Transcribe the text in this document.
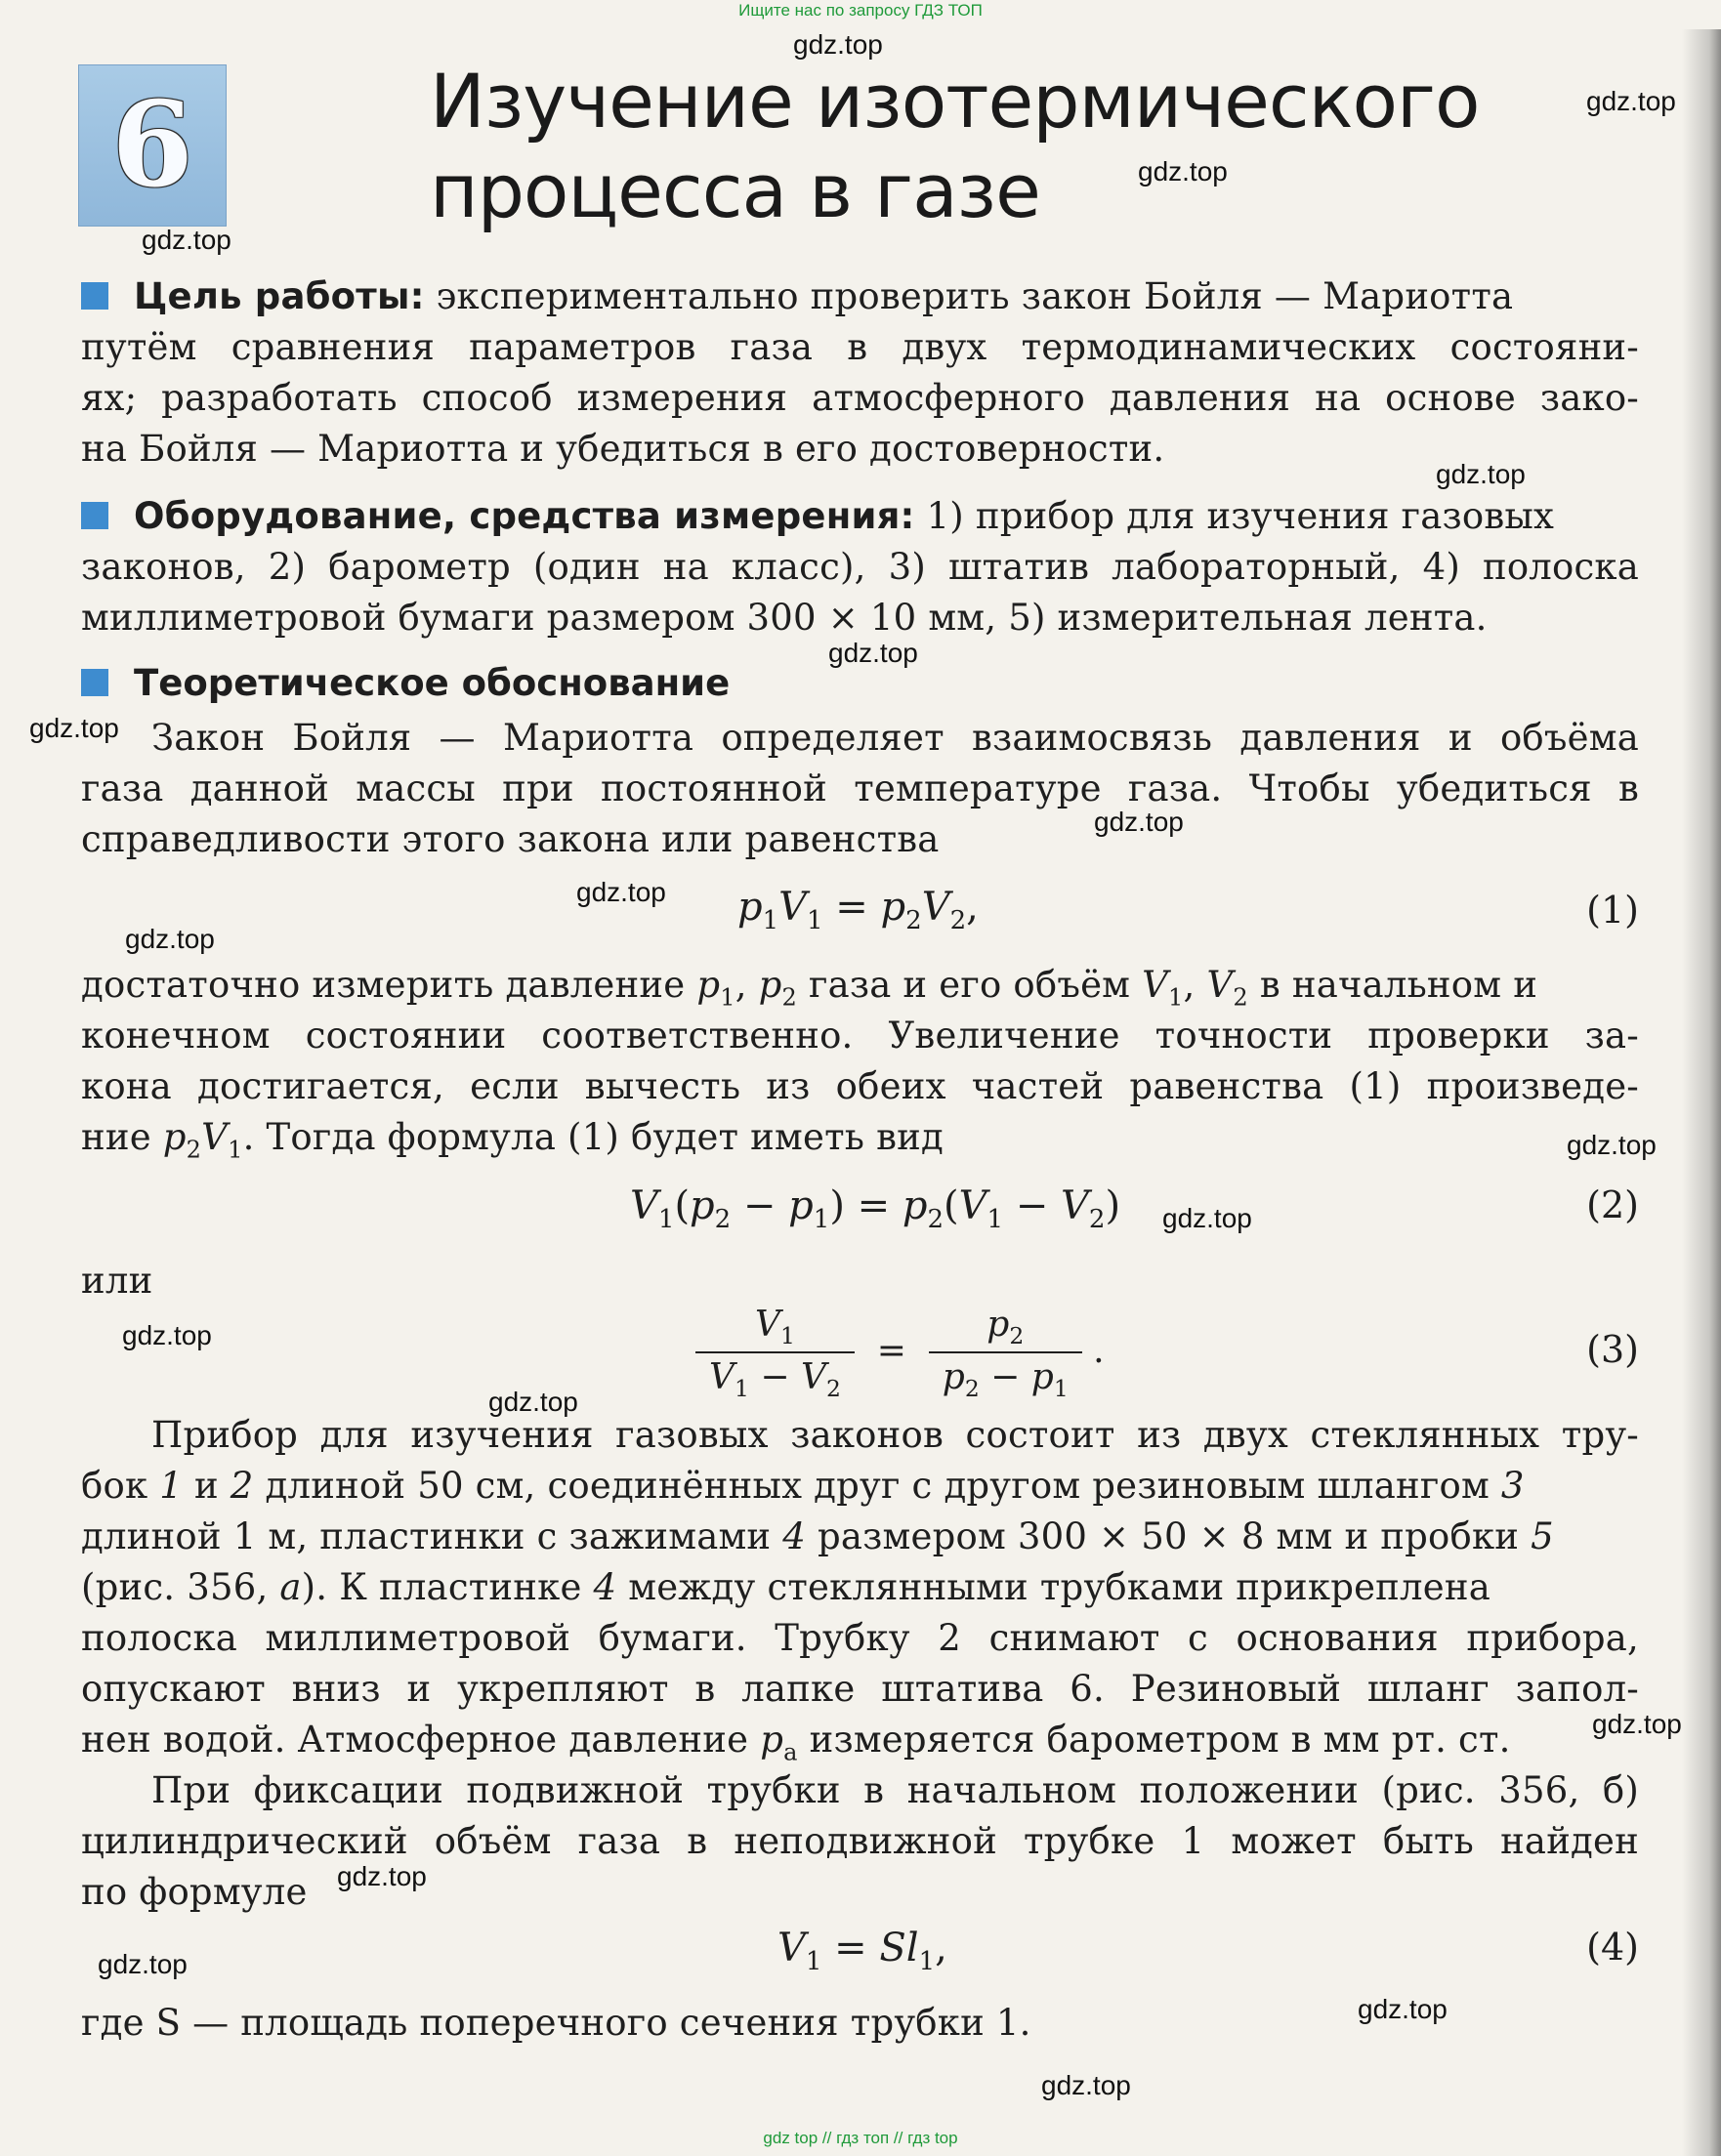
Ищите нас по запросу ГДЗ ТОП
6	Изучение изотермического
процесса в газе
Цель работы: экспериментально проверить закон Бойля — Мариотта
путём сравнения параметров газа в двух термодинамических состояни-
ях; разработать способ измерения атмосферного давления на основе зако-
на Бойля — Мариотта и убедиться в его достоверности.
Оборудование, средства измерения: 1) прибор для изучения газовых
законов, 2) барометр (один на класс), 3) штатив лабораторный, 4) полоска
миллиметровой бумаги размером 300 × 10 мм, 5) измерительная лента.
Теоретическое обоснование
Закон Бойля — Мариотта определяет взаимосвязь давления и объёма
газа данной массы при постоянной температуре газа. Чтобы убедиться в
справедливости этого закона или равенства
$p_1V_1 = p_2V_2$,	(1)
достаточно измерить давление $p_1$, $p_2$ газа и его объём $V_1$, $V_2$ в начальном и
конечном состоянии соответственно. Увеличение точности проверки за-
кона достигается, если вычесть из обеих частей равенства (1) произведе-
ние $p_2V_1$. Тогда формула (1) будет иметь вид
$V_1(p_2 - p_1) = p_2(V_1 - V_2)$	(2)
или
$\frac{V_1}{V_1 - V_2} = \frac{p_2}{p_2 - p_1}$ .	(3)
Прибор для изучения газовых законов состоит из двух стеклянных тру-
бок 1 и 2 длиной 50 см, соединённых друг с другом резиновым шлангом 3
длиной 1 м, пластинки с зажимами 4 размером 300 × 50 × 8 мм и пробки 5
(рис. 356, а). К пластинке 4 между стеклянными трубками прикреплена
полоска миллиметровой бумаги. Трубку 2 снимают с основания прибора,
опускают вниз и укрепляют в лапке штатива 6. Резиновый шланг запол-
нен водой. Атмосферное давление $p_а$ измеряется барометром в мм рт. ст.
При фиксации подвижной трубки в начальном положении (рис. 356, б)
цилиндрический объём газа в неподвижной трубке 1 может быть найден
по формуле
$V_1 = Sl_1$,	(4)
где S — площадь поперечного сечения трубки 1.
gdz.top
gdz.top
gdz.top
gdz.top
gdz.top
gdz.top
gdz.top
gdz.top
gdz.top
gdz.top
gdz.top
gdz.top
gdz.top
gdz.top
gdz.top
gdz.top
gdz.top
gdz.top
gdz.top
gdz top // гдз топ // гдз top
